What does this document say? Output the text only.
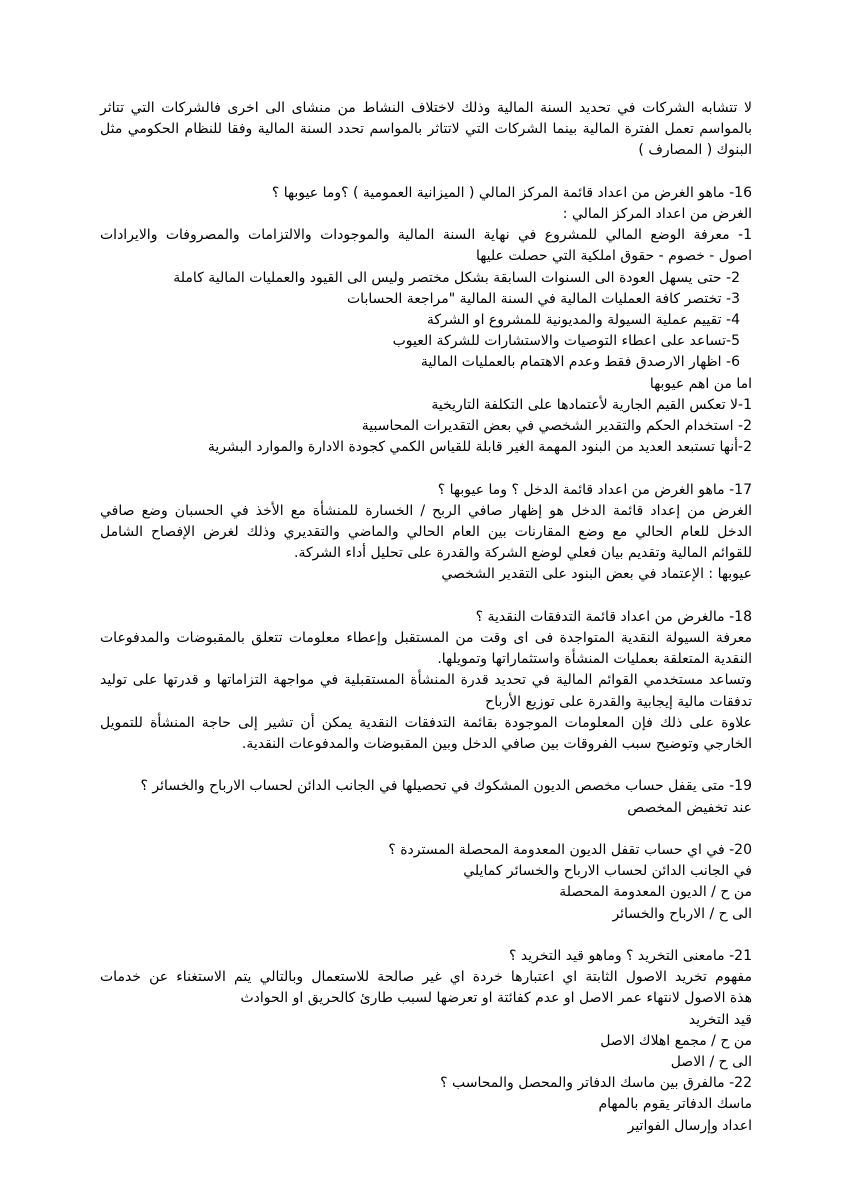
لا تتشابه الشركات في تحديد السنة المالية وذلك لاختلاف النشاط من منشاى الى اخرى فالشركات التي تتاثر
بالمواسم تعمل الفترة المالية بينما الشركات التي لاتتاثر بالمواسم تحدد السنة المالية وفقا للنظام الحكومي مثل
البنوك ( المصارف )
16- ماهو الغرض من اعداد قائمة المركز المالي ( الميزانية العمومية ) ؟وما عيوبها ؟
الغرض من اعداد المركز المالي :
1- معرفة الوضع المالي للمشروع في نهاية السنة المالية والموجودات والالتزامات والمصروفات والايرادات
اصول - خصوم - حقوق املكية التي حصلت عليها
2- حتى يسهل العودة الى السنوات السابقة بشكل مختصر وليس الى القيود والعمليات المالية كاملة
3- تختصر كافة العمليات المالية في السنة المالية "مراجعة الحسابات
4- تقييم عملية السيولة والمديونية للمشروع او الشركة
5-تساعد على اعطاء التوصيات والاستشارات للشركة العيوب
6- اظهار الارصدق فقط وعدم الاهتمام بالعمليات المالية
اما من اهم عيوبها
1-لا تعكس القيم الجارية لأعتمادها على التكلفة التاريخية
2- استخدام الحكم والتقدير الشخصي في بعض التقديرات المحاسبية
2-أنها تستبعد العديد من البنود المهمة الغير قابلة للقياس الكمي كجودة الادارة والموارد البشرية
17- ماهو الغرض من اعداد قائمة الدخل ؟ وما عيوبها ؟
الغرض من إعداد قائمة الدخل هو إظهار صافي الربح / الخسارة للمنشأة مع الأخذ في الحسبان وضع صافي
الدخل للعام الحالي مع وضع المقارنات بين العام الحالي والماضي والتقديري وذلك لغرض الإفصاح الشامل
للقوائم المالية وتقديم بيان فعلي لوضع الشركة والقدرة على تحليل أداء الشركة.
عيوبها : الإعتماد في بعض البنود على التقدير الشخصي
18- مالغرض من اعداد قائمة التدفقات النقدية ؟
معرفة السيولة النقدية المتواجدة فى اى وقت من المستقبل وإعطاء معلومات تتعلق بالمقبوضات والمدفوعات
النقدية المتعلقة بعمليات المنشأة واستثماراتها وتمويلها.
وتساعد مستخدمي القوائم المالية في تحديد قدرة المنشأة المستقبلية في مواجهة التزاماتها و قدرتها على توليد
تدفقات مالية إيجابية والقدرة على توزيع الأرباح
علاوة على ذلك فإن المعلومات الموجودة بقائمة التدفقات النقدية يمكن أن تشير إلى حاجة المنشأة للتمويل
الخارجي وتوضيح سبب الفروقات بين صافي الدخل وبين المقبوضات والمدفوعات النقدية.
19- متى يقفل حساب مخصص الديون المشكوك في تحصيلها في الجانب الدائن لحساب الارباح والخسائر ؟
عند تخفيض المخصص
20- في اي حساب تقفل الديون المعدومة المحصلة المستردة ؟
في الجانب الدائن لحساب الارباح والخسائر كمايلي
من ح / الديون المعدومة المحصلة
الى ح / الارباح والخسائر
21- مامعنى التخريد ؟ وماهو قيد التخريد ؟
مفهوم تخريد الاصول الثابتة اي اعتبارها خردة اي غير صالحة للاستعمال وبالتالي يتم الاستغناء عن خدمات
هذة الاصول لانتهاء عمر الاصل او عدم كفائتة او تعرضها لسبب طارئ كالحريق او الحوادث
قيد التخريد
من ح / مجمع اهلاك الاصل
الى ح / الاصل
22- مالفرق بين ماسك الدفاتر والمحصل والمحاسب ؟
ماسك الدفاتر يقوم بالمهام
اعداد وإرسال الفواتير
